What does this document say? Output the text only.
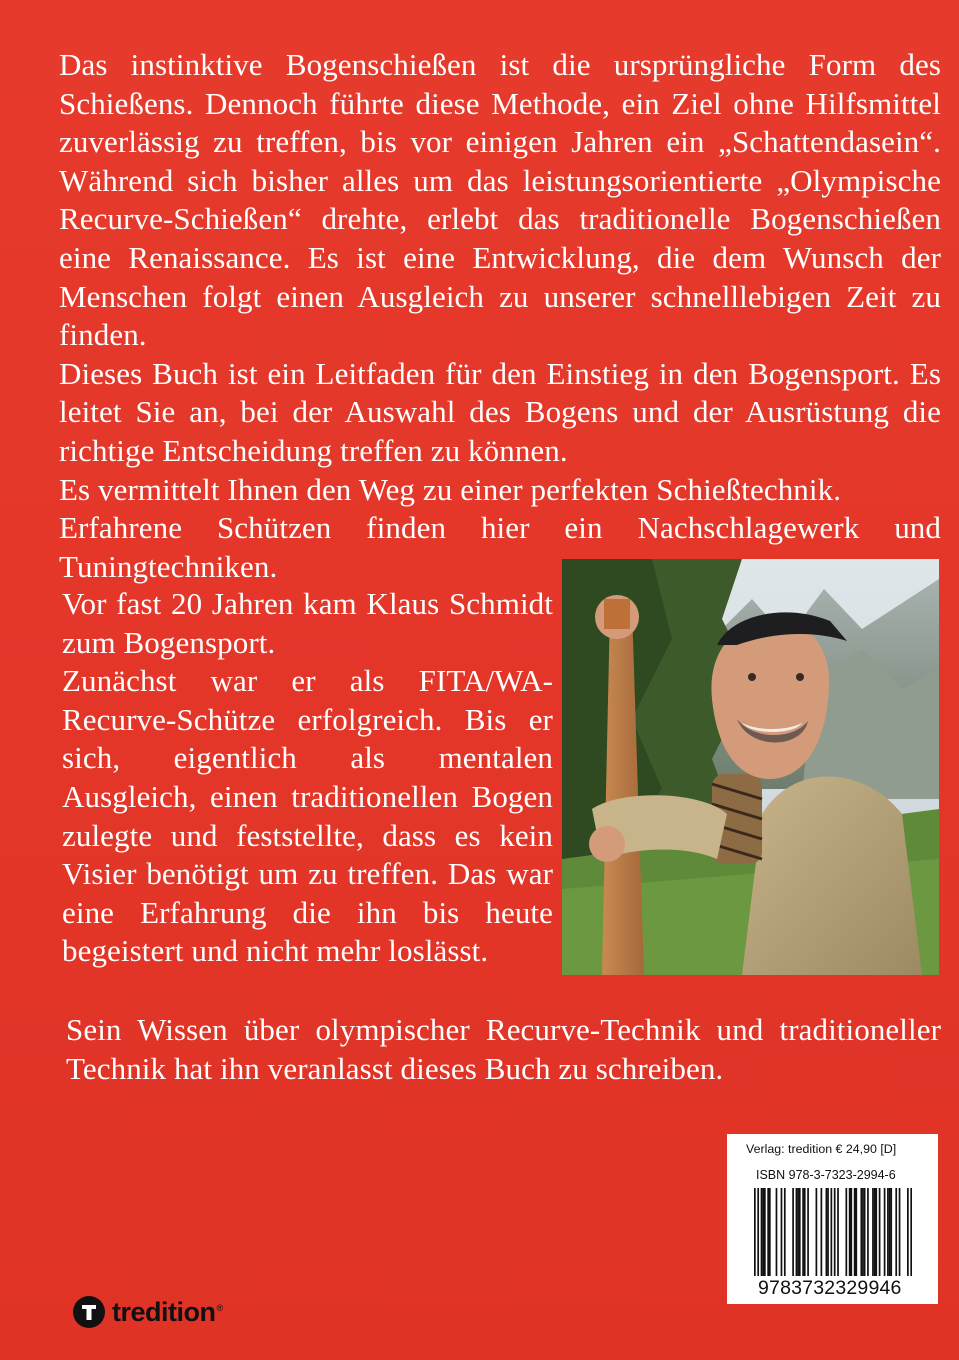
Das instinktive Bogenschießen ist die ursprüngliche Form des Schießens. Dennoch führte diese Methode, ein Ziel ohne Hilfsmittel zuverlässig zu treffen, bis vor einigen Jahren ein „Schattendasein“. Während sich bisher alles um das leistungsorientierte „Olympische Recurve-Schießen“ drehte, erlebt das traditionelle Bogenschießen eine Renaissance. Es ist eine Entwicklung, die dem Wunsch der Menschen folgt einen Ausgleich zu unserer schnelllebigen Zeit zu finden.

Dieses Buch ist ein Leitfaden für den Einstieg in den Bogensport. Es leitet Sie an, bei der Auswahl des Bogens und der Ausrüstung die richtige Entscheidung treffen zu können.

Es vermittelt Ihnen den Weg zu einer perfekten Schießtechnik.

Erfahrene Schützen finden hier ein Nachschlagewerk und Tuningtechniken.

Vor fast 20 Jahren kam Klaus Schmidt zum Bogensport.

Zunächst war er als FITA/WA-Recurve-Schütze erfolgreich. Bis er sich, eigentlich als mentalen Ausgleich, einen traditionellen Bogen zulegte und feststellte, dass es kein Visier benötigt um zu treffen. Das war eine Erfahrung die ihn bis heute begeistert und nicht mehr loslässt.

Sein Wissen über olympischer Recurve-Technik und traditioneller Technik hat ihn veranlasst dieses Buch zu schreiben.

Verlag: tredition € 24,90 [D]
ISBN 978-3-7323-2994-6
9783732329946
tredition®
